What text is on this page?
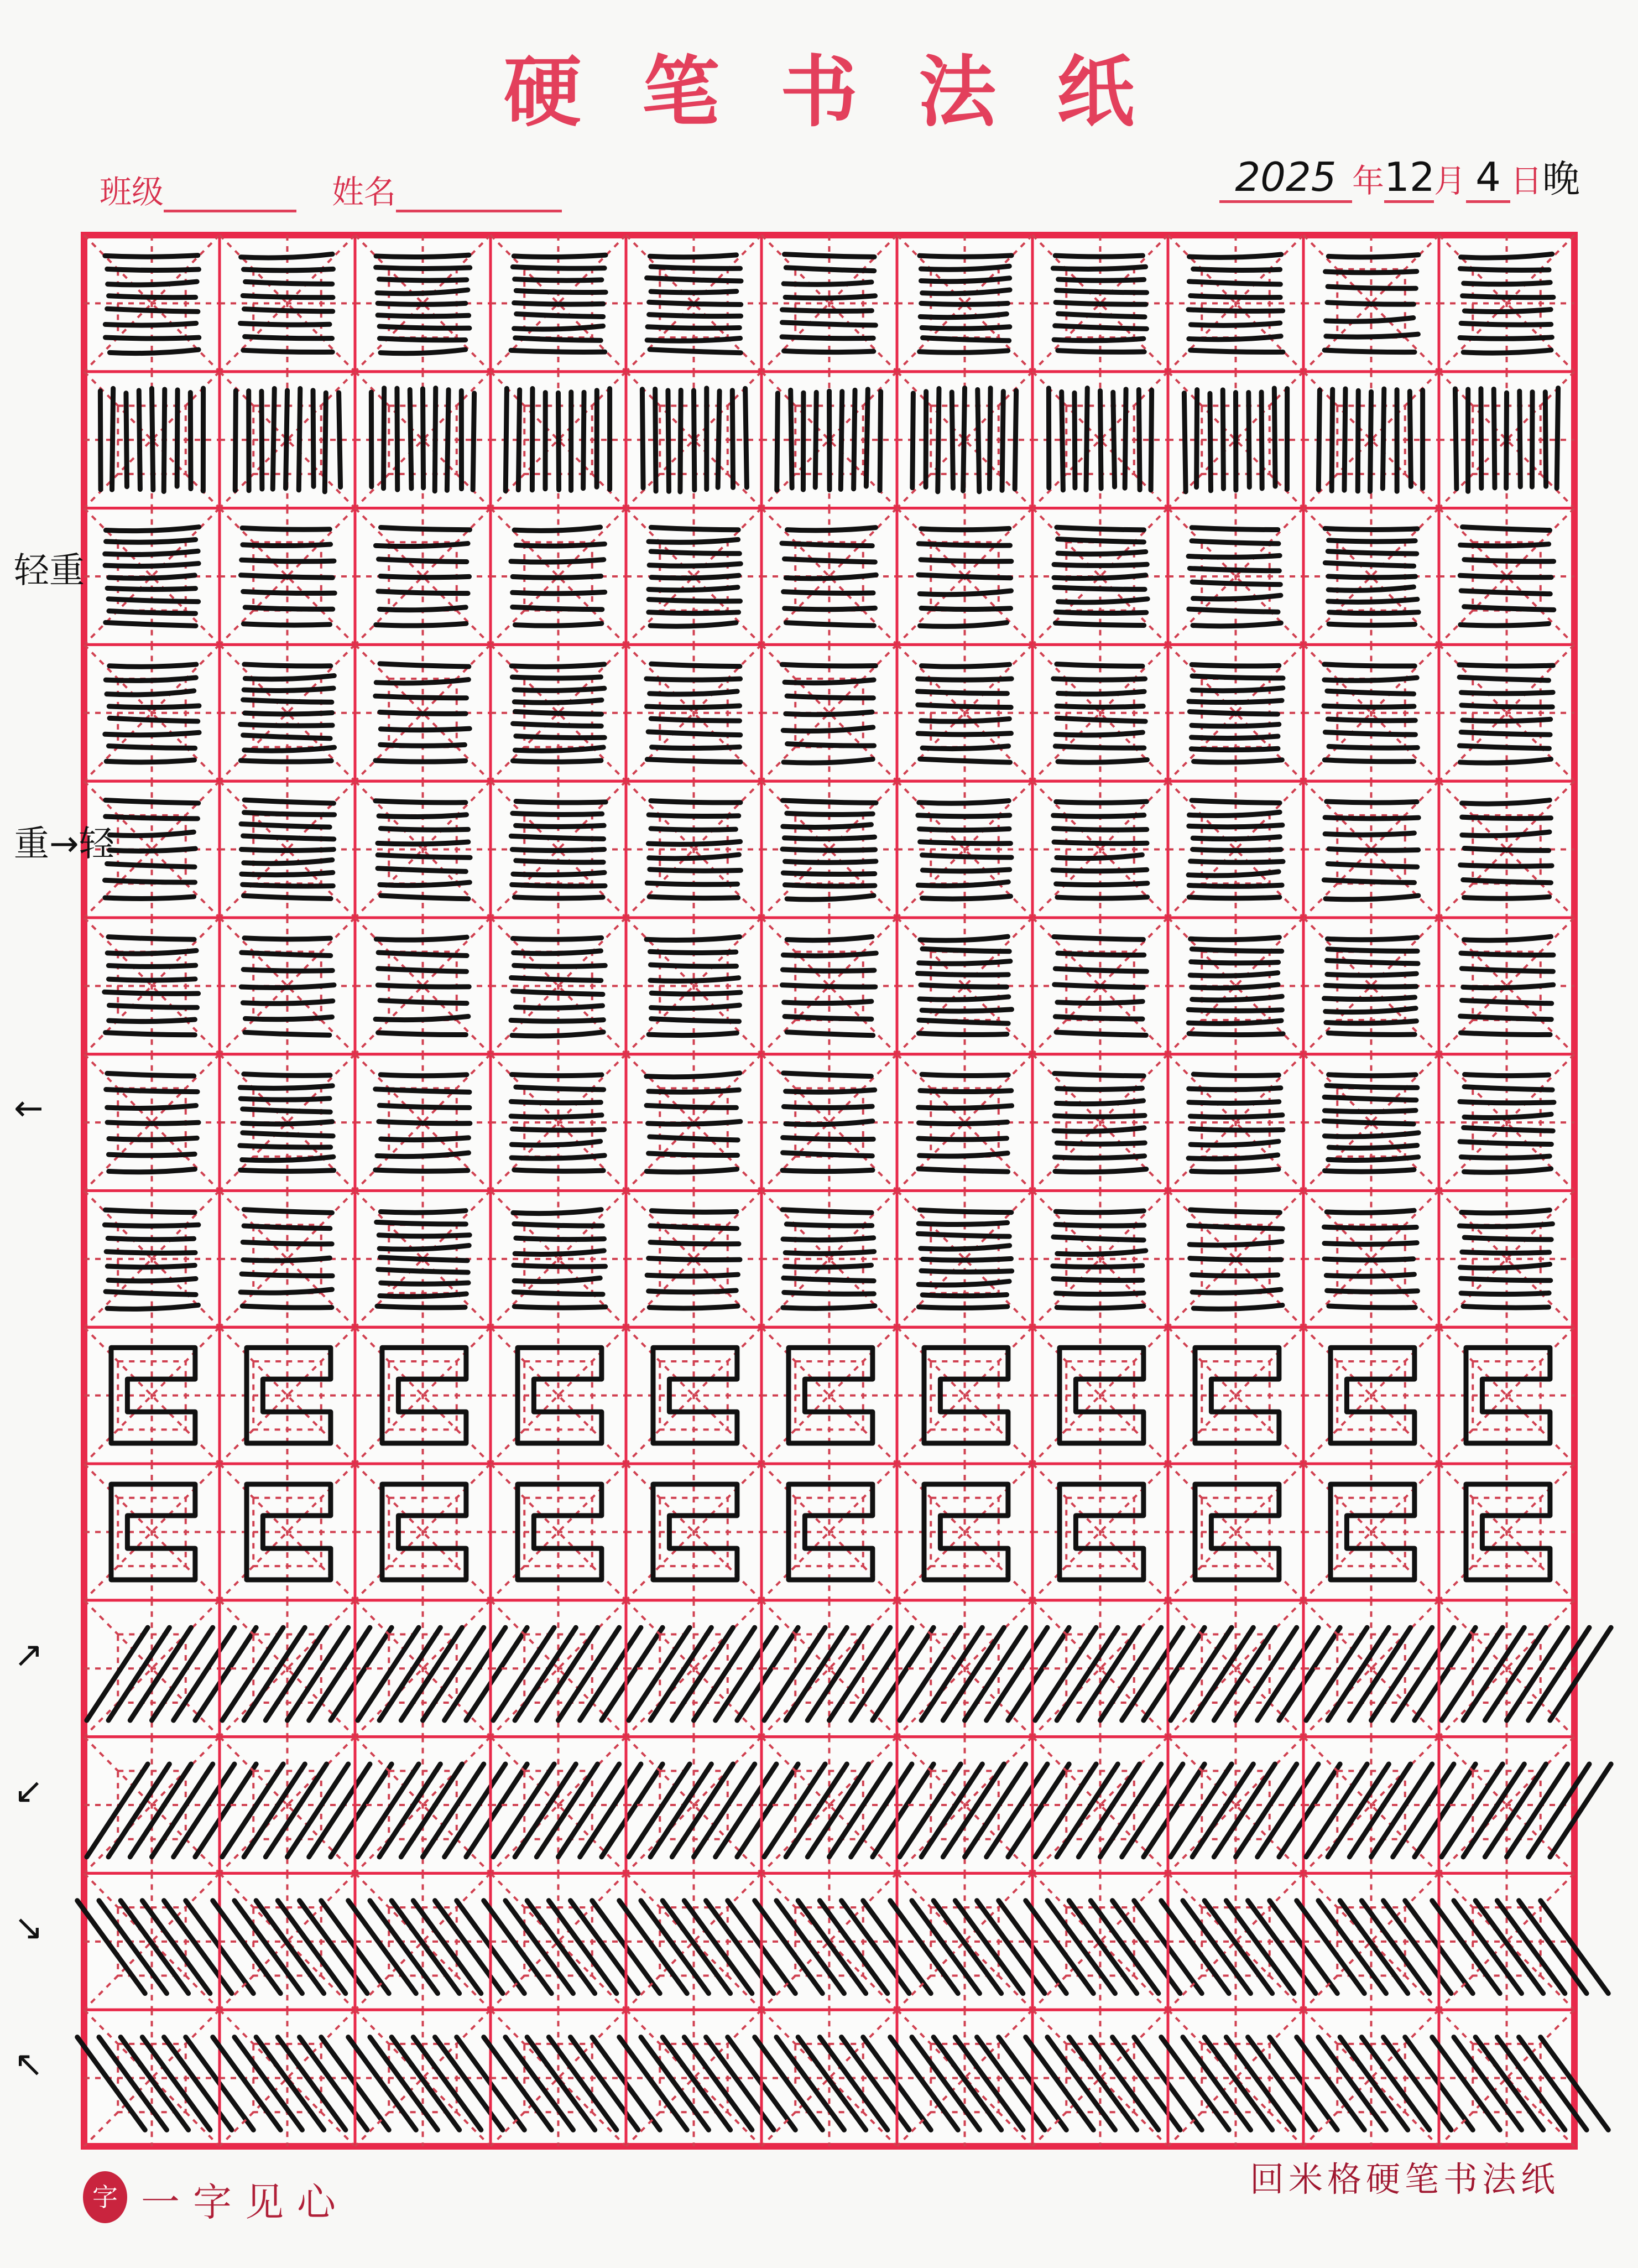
硬笔书法纸
班级	姓名	2025 年12月 4 日晚
轻重
重→轻
←
↗
↙
↘
↖
字 一字见心
回米格硬笔书法纸
